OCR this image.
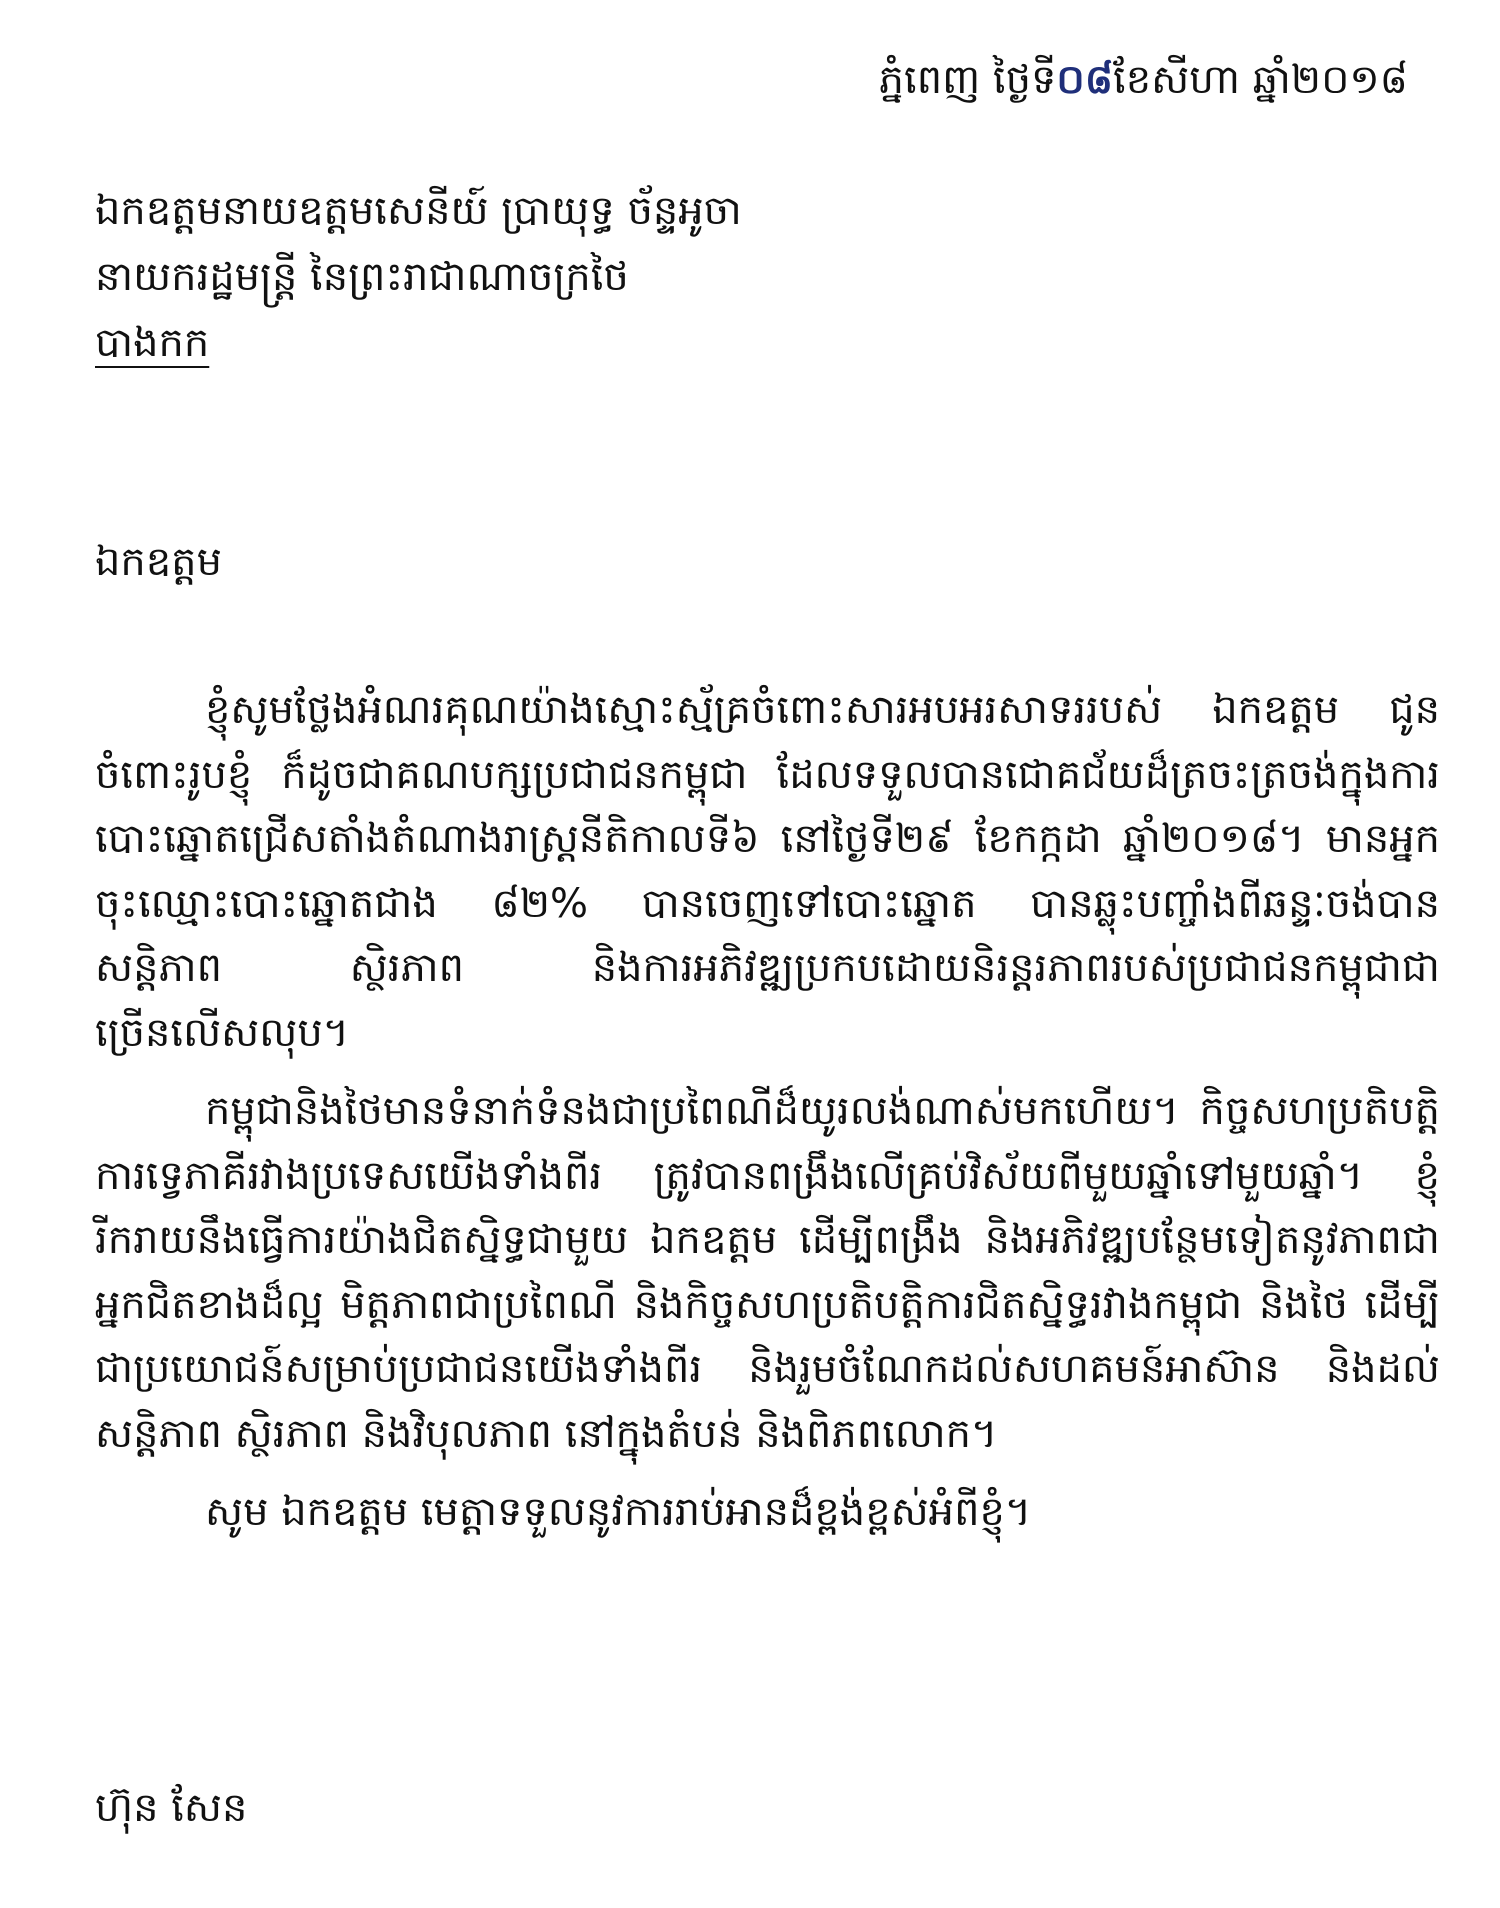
ភ្នំពេញ ថ្ងៃទី០៨ខែសីហា ឆ្នាំ២០១៨
ឯកឧត្តមនាយឧត្តមសេនីយ៍ ប្រាយុទ្ធ ច័ន្ទអូចា
នាយករដ្ឋមន្ត្រី នៃព្រះរាជាណាចក្រថៃ
បាងកក
ឯកឧត្តម

ខ្ញុំសូមថ្លែងអំណរគុណយ៉ាងស្មោះស្ម័គ្រចំពោះសារអបអរសាទររបស់ ឯកឧត្តម ជូនចំពោះរូបខ្ញុំ ក៏ដូចជាគណបក្សប្រជាជនកម្ពុជា ដែលទទួលបានជោគជ័យដ៏ត្រចះត្រចង់ក្នុងការបោះឆ្នោតជ្រើសតាំងតំណាងរាស្ត្រនីតិកាលទី៦ នៅថ្ងៃទី២៩ ខែកក្កដា ឆ្នាំ២០១៨។ មានអ្នកចុះឈ្មោះបោះឆ្នោតជាង ៨២% បានចេញទៅបោះឆ្នោត បានឆ្លុះបញ្ចាំងពីឆន្ទៈចង់បានសន្តិភាព ស្ថិរភាព និងការអភិវឌ្ឍប្រកបដោយនិរន្តរភាពរបស់ប្រជាជនកម្ពុជាជាច្រើនលើសលុប។

កម្ពុជានិងថៃមានទំនាក់ទំនងជាប្រពៃណីដ៏យូរលង់ណាស់មកហើយ។ កិច្ចសហប្រតិបត្តិការទ្វេភាគីរវាងប្រទេសយើងទាំងពីរ ត្រូវបានពង្រឹងលើគ្រប់វិស័យពីមួយឆ្នាំទៅមួយឆ្នាំ។ ខ្ញុំរីករាយនឹងធ្វើការយ៉ាងជិតស្និទ្ធជាមួយ ឯកឧត្តម ដើម្បីពង្រឹង និងអភិវឌ្ឍបន្ថែមទៀតនូវភាពជាអ្នកជិតខាងដ៏ល្អ មិត្តភាពជាប្រពៃណី និងកិច្ចសហប្រតិបត្តិការជិតស្និទ្ធរវាងកម្ពុជា និងថៃ ដើម្បីជាប្រយោជន៍សម្រាប់ប្រជាជនយើងទាំងពីរ និងរួមចំណែកដល់សហគមន៍អាស៊ាន និងដល់សន្តិភាព ស្ថិរភាព និងវិបុលភាព នៅក្នុងតំបន់ និងពិភពលោក។

សូម ឯកឧត្តម មេត្តាទទួលនូវការរាប់អានដ៏ខ្ពង់ខ្ពស់អំពីខ្ញុំ។

ហ៊ុន សែន
